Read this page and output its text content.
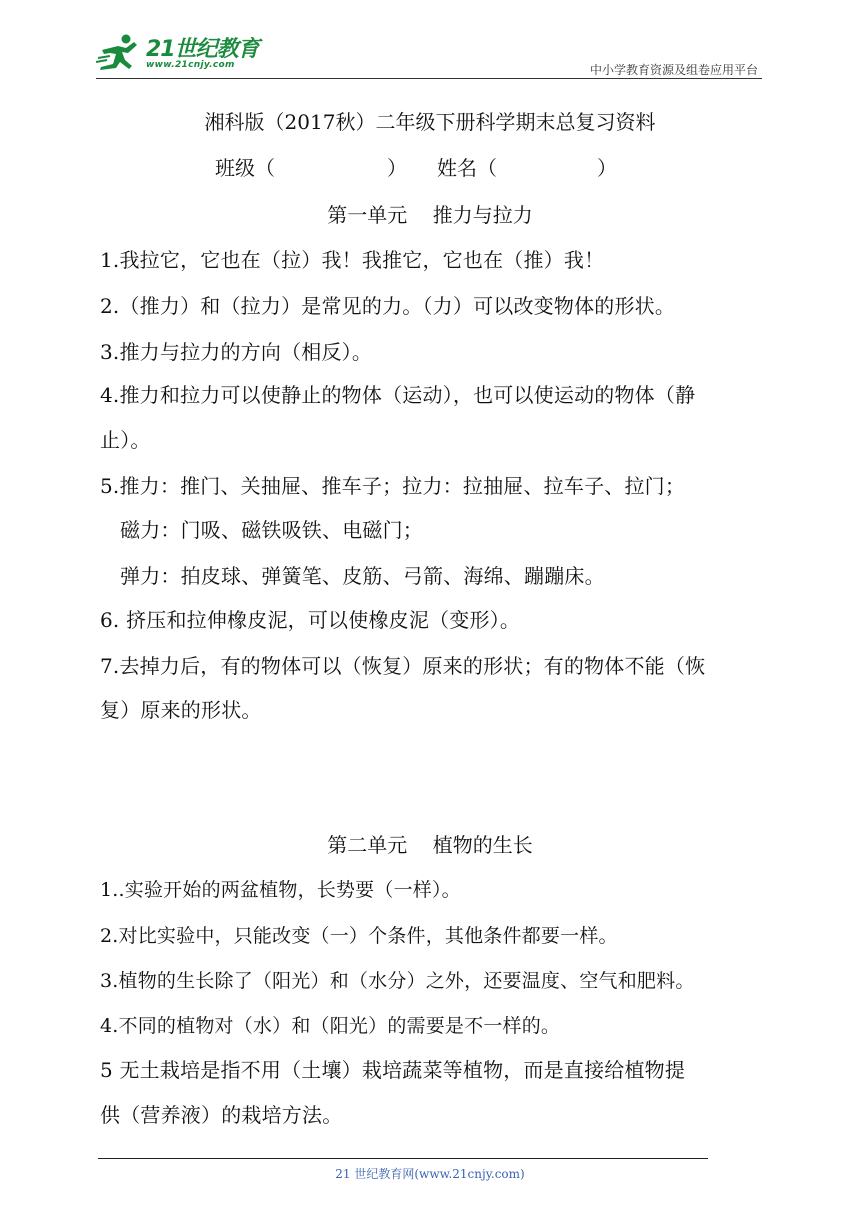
21世纪教育
www.21cnjy.com	中小学教育资源及组卷应用平台
湘科版（2017秋）二年级下册科学期末总复习资料
班级（	） 姓名（	）
第一单元    推力与拉力
1.我拉它，它也在（拉）我！我推它，它也在（推）我！
2.（推力）和（拉力）是常见的力。（力）可以改变物体的形状。
3.推力与拉力的方向（相反）。
4.推力和拉力可以使静止的物体（运动），也可以使运动的物体（静
止）。
5.推力：推门、关抽屉、推车子；拉力：拉抽屉、拉车子、拉门；
磁力：门吸、磁铁吸铁、电磁门；
弹力：拍皮球、弹簧笔、皮筋、弓箭、海绵、蹦蹦床。
6. 挤压和拉伸橡皮泥，可以使橡皮泥（变形）。
7.去掉力后，有的物体可以（恢复）原来的形状；有的物体不能（恢
复）原来的形状。
第二单元    植物的生长
1..实验开始的两盆植物，长势要（一样）。
2.对比实验中，只能改变（一）个条件，其他条件都要一样。
3.植物的生长除了（阳光）和（水分）之外，还要温度、空气和肥料。
4.不同的植物对（水）和（阳光）的需要是不一样的。
5 无土栽培是指不用（土壤）栽培蔬菜等植物，而是直接给植物提
供（营养液）的栽培方法。
21 世纪教育网(www.21cnjy.com)
